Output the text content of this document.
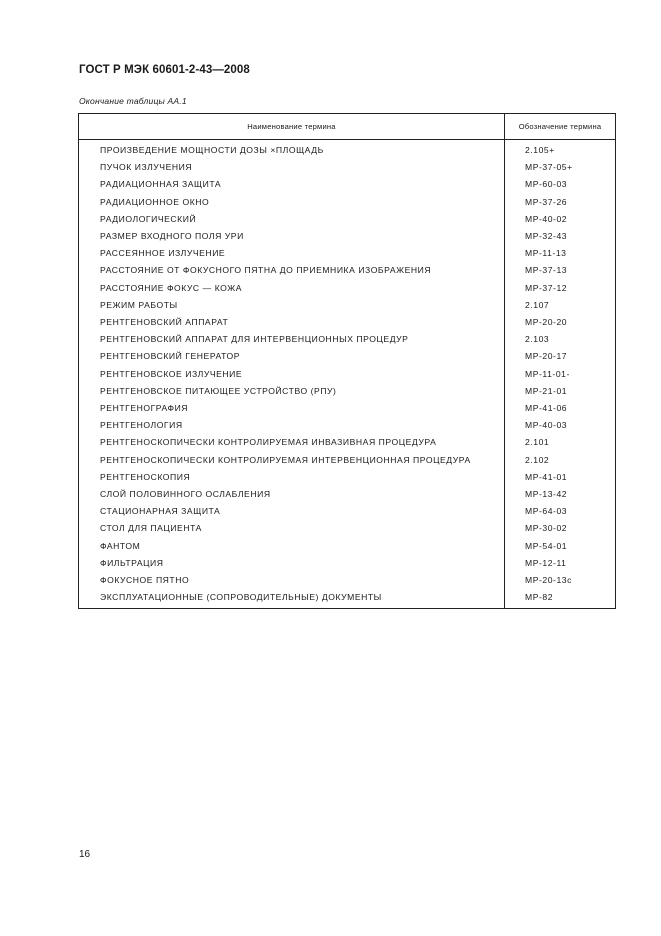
ГОСТ Р МЭК 60601-2-43—2008
Окончание таблицы АА.1
Наименование термина	Обозначение термина
ПРОИЗВЕДЕНИЕ МОЩНОСТИ ДОЗЫ ×ПЛОЩАДЬ	2.105+
ПУЧОК ИЗЛУЧЕНИЯ	МР-37-05+
РАДИАЦИОННАЯ ЗАЩИТА	МР-60-03
РАДИАЦИОННОЕ ОКНО	МР-37-26
РАДИОЛОГИЧЕСКИЙ	МР-40-02
РАЗМЕР ВХОДНОГО ПОЛЯ УРИ	МР-32-43
РАССЕЯННОЕ ИЗЛУЧЕНИЕ	МР-11-13
РАССТОЯНИЕ ОТ ФОКУСНОГО ПЯТНА ДО ПРИЕМНИКА ИЗОБРАЖЕНИЯ	МР-37-13
РАССТОЯНИЕ ФОКУС — КОЖА	МР-37-12
РЕЖИМ РАБОТЫ	2.107
РЕНТГЕНОВСКИЙ АППАРАТ	МР-20-20
РЕНТГЕНОВСКИЙ АППАРАТ ДЛЯ ИНТЕРВЕНЦИОННЫХ ПРОЦЕДУР	2.103
РЕНТГЕНОВСКИЙ ГЕНЕРАТОР	МР-20-17
РЕНТГЕНОВСКОЕ ИЗЛУЧЕНИЕ	МР-11-01-
РЕНТГЕНОВСКОЕ ПИТАЮЩЕЕ УСТРОЙСТВО (РПУ)	МР-21-01
РЕНТГЕНОГРАФИЯ	МР-41-06
РЕНТГЕНОЛОГИЯ	МР-40-03
РЕНТГЕНОСКОПИЧЕСКИ КОНТРОЛИРУЕМАЯ ИНВАЗИВНАЯ ПРОЦЕДУРА	2.101
РЕНТГЕНОСКОПИЧЕСКИ КОНТРОЛИРУЕМАЯ ИНТЕРВЕНЦИОННАЯ ПРОЦЕДУРА	2.102
РЕНТГЕНОСКОПИЯ	МР-41-01
СЛОЙ ПОЛОВИННОГО ОСЛАБЛЕНИЯ	МР-13-42
СТАЦИОНАРНАЯ ЗАЩИТА	МР-64-03
СТОЛ ДЛЯ ПАЦИЕНТА	МР-30-02
ФАНТОМ	МР-54-01
ФИЛЬТРАЦИЯ	МР-12-11
ФОКУСНОЕ ПЯТНО	МР-20-13с
ЭКСПЛУАТАЦИОННЫЕ (СОПРОВОДИТЕЛЬНЫЕ) ДОКУМЕНТЫ	МР-82
16
